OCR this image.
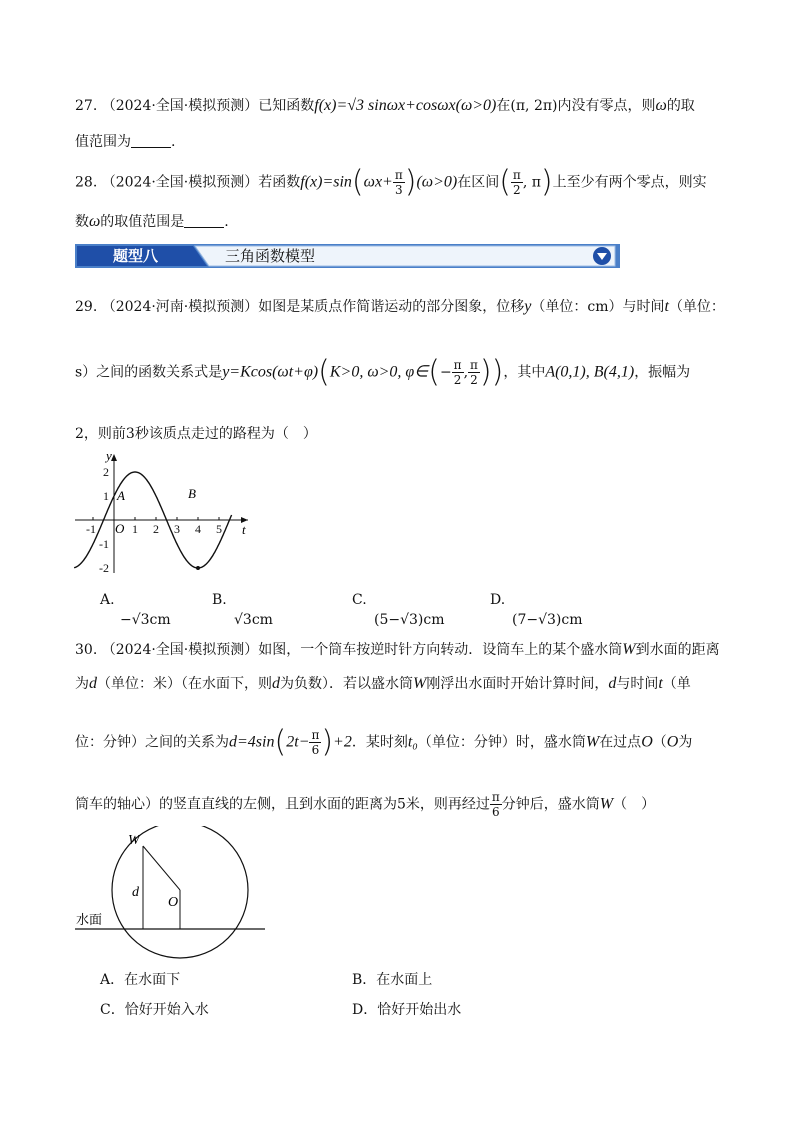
27. （2024·全国·模拟预测）已知函数f(x)=√3 sinωx+cosωx(ω>0)在(π, 2π)内没有零点，则ω的取
值范围为	.
28. （2024·全国·模拟预测）若函数$f(x)=\sin(\omega x+ \frac{\pi}{3} )(\omega>0)$在区间( $\frac{\pi}{2}$ , π)上至少有两个零点，则实
数ω的取值范围是	.
题型八	三角函数模型
29. （2024·河南·模拟预测）如图是某质点作简谐运动的部分图象，位移y（单位：cm）与时间t（单位：
s）之间的函数关系式是y=Kcos(ωt+φ)(K>0, ω>0, φ∈(− $\frac{\pi}{2}$ , $\frac{\pi}{2}$ ))，其中A(0,1), B(4,1)，振幅为
2，则前3秒该质点走过的路程为（　）
-1	1 2 3 4 5
2
1
-1
-2
y
t
O
A	B
A.
−√3cm
B.
√3cm
C.
(5−√3)cm
D.
(7−√3)cm
30. （2024·全国·模拟预测）如图，一个筒车按逆时针方向转动．设筒车上的某个盛水筒W到水面的距离
为d（单位：米）（在水面下，则d为负数）．若以盛水筒W刚浮出水面时开始计算时间，d与时间t（单
位：分钟）之间的关系为$d=4\sin(2t- \frac{\pi}{6} )+2$．某时刻t₀（单位：分钟）时，盛水筒W在过点O（O为
筒车的轴心）的竖直直线的左侧，且到水面的距离为5米，则再经过 $\frac{\pi}{6}$ 分钟后，盛水筒W（　）
W
d
O
水面
A．在水面下	B．在水面上
C．恰好开始入水	D．恰好开始出水
